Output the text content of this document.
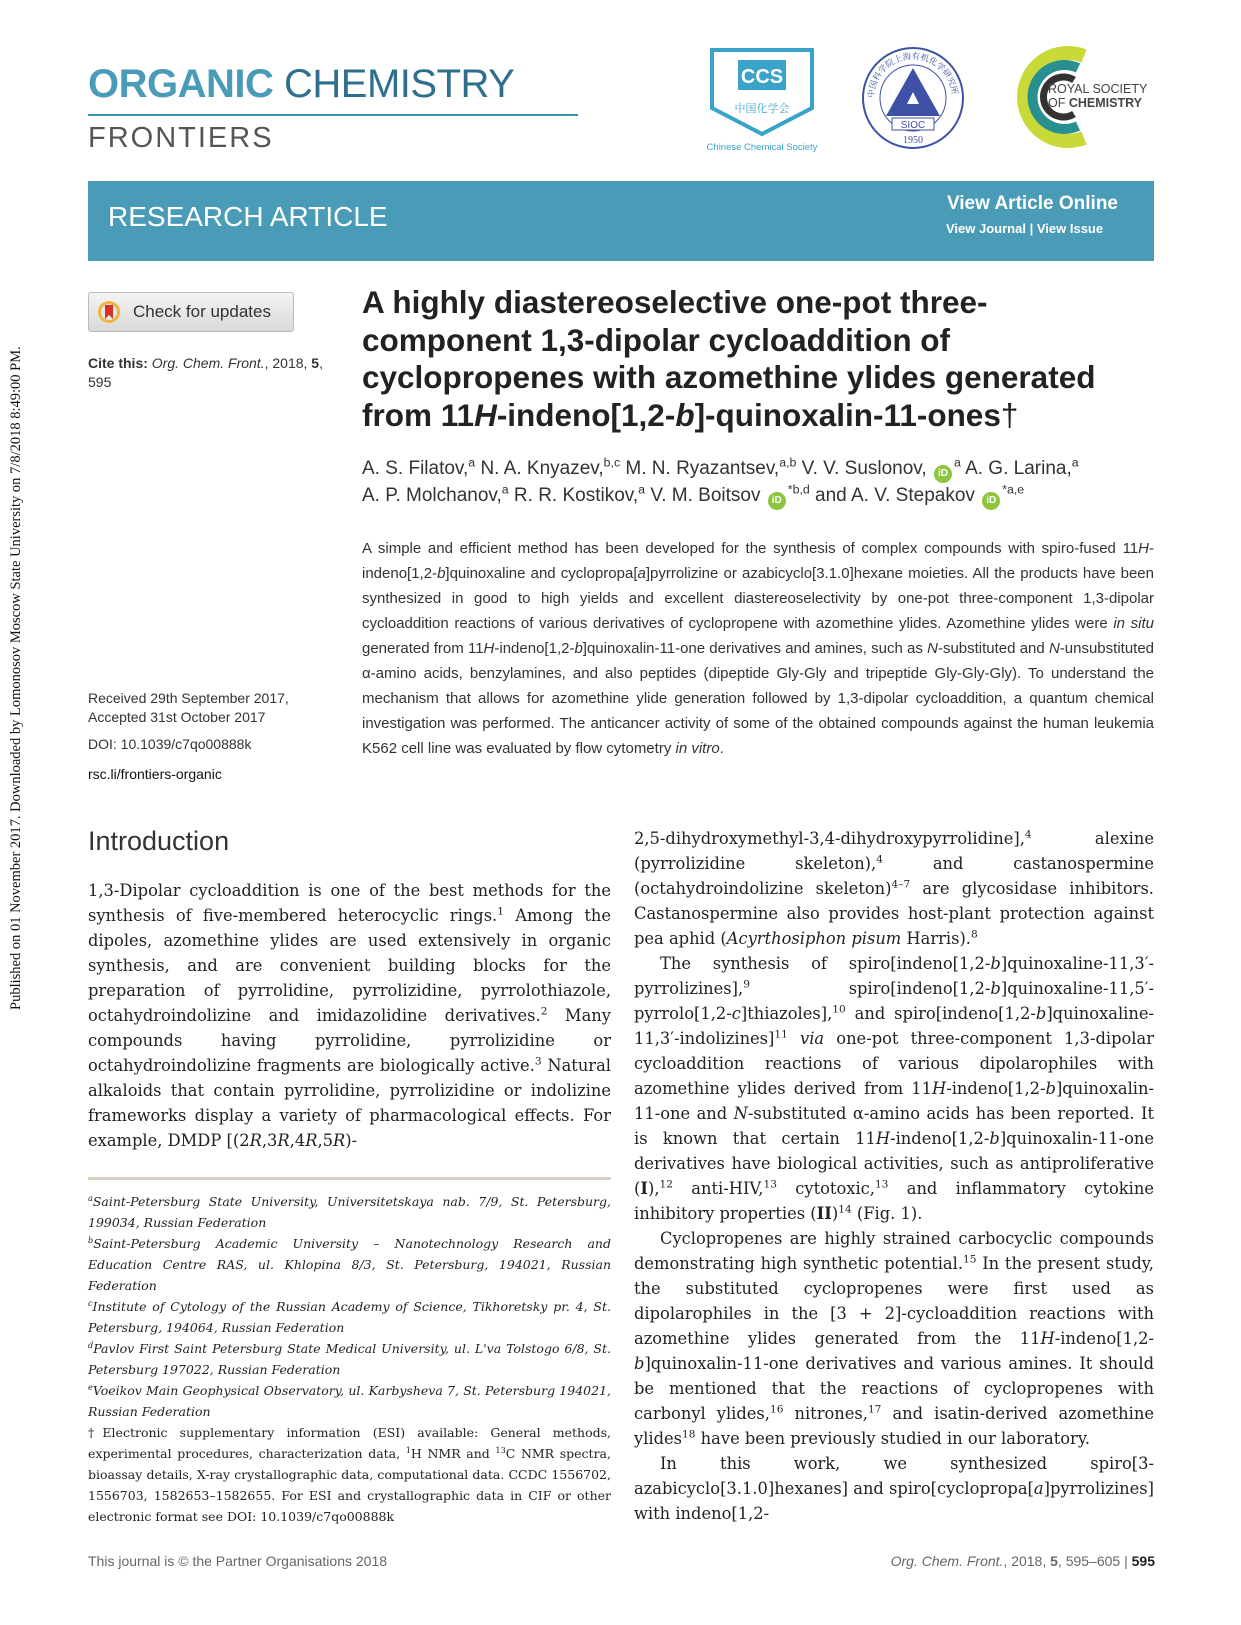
Published on 01 November 2017. Downloaded by Lomonosov Moscow State University on 7/8/2018 8:49:00 PM.
ORGANIC CHEMISTRY
FRONTIERS
CCS
中国化学会
Chinese Chemical Society
中国科学院上海有机化学研究所
SIOC
1950
ROYAL SOCIETY
OF CHEMISTRY
RESEARCH ARTICLE	View Article Online
View Journal | View Issue
Check for updates
Cite this: Org. Chem. Front., 2018, 5,
595
Received 29th September 2017,
Accepted 31st October 2017
DOI: 10.1039/c7qo00888k
rsc.li/frontiers-organic
A highly diastereoselective one-pot three-
component 1,3-dipolar cycloaddition of
cyclopropenes with azomethine ylides generated
from 11H-indeno[1,2-b]-quinoxalin-11-ones†
A. S. Filatov,$^a$ N. A. Knyazev,$^{b,c}$ M. N. Ryazantsev,$^{a,b}$ V. V. Suslonov, $iD^a$ A. G. Larina,$^a$
A. P. Molchanov,$^a$ R. R. Kostikov,$^a$ V. M. Boitsov iD$^{*b,d}$ and A. V. Stepakov iD$^{*a,e}$
A simple and efficient method has been developed for the synthesis of complex compounds with spiro-fused 11H-indeno[1,2-b]quinoxaline and cyclopropa[a]pyrrolizine or azabicyclo[3.1.0]hexane moieties. All the products have been synthesized in good to high yields and excellent diastereoselectivity by one-pot three-component 1,3-dipolar cycloaddition reactions of various derivatives of cyclopropene with azomethine ylides. Azomethine ylides were in situ generated from 11H-indeno[1,2-b]quinoxalin-11-one derivatives and amines, such as N-substituted and N-unsubstituted α-amino acids, benzylamines, and also peptides (dipeptide Gly-Gly and tripeptide Gly-Gly-Gly). To understand the mechanism that allows for azomethine ylide generation followed by 1,3-dipolar cycloaddition, a quantum chemical investigation was performed. The anticancer activity of some of the obtained compounds against the human leukemia K562 cell line was evaluated by flow cytometry in vitro.
Introduction
1,3-Dipolar cycloaddition is one of the best methods for the synthesis of five-membered heterocyclic rings.$^1$ Among the dipoles, azomethine ylides are used extensively in organic synthesis, and are convenient building blocks for the preparation of pyrrolidine, pyrrolizidine, pyrrolothiazole, octahydroindolizine and imidazolidine derivatives.$^2$ Many compounds having pyrrolidine, pyrrolizidine or octahydroindolizine fragments are biologically active.$^3$ Natural alkaloids that contain pyrrolidine, pyrrolizidine or indolizine frameworks display a variety of pharmacological effects. For example, DMDP [(2R,3R,4R,5R)-

$^a$Saint-Petersburg State University, Universitetskaya nab. 7/9, St. Petersburg, 199034, Russian Federation

$^b$Saint-Petersburg Academic University – Nanotechnology Research and Education Centre RAS, ul. Khlopina 8/3, St. Petersburg, 194021, Russian Federation

$^c$Institute of Cytology of the Russian Academy of Science, Tikhoretsky pr. 4, St. Petersburg, 194064, Russian Federation

$^d$Pavlov First Saint Petersburg State Medical University, ul. L'va Tolstogo 6/8, St. Petersburg 197022, Russian Federation

$^e$Voeikov Main Geophysical Observatory, ul. Karbysheva 7, St. Petersburg 194021, Russian Federation

†Electronic supplementary information (ESI) available: General methods, experimental procedures, characterization data, $^1$H NMR and $^{13}$C NMR spectra, bioassay details, X-ray crystallographic data, computational data. CCDC 1556702, 1556703, 1582653–1582655. For ESI and crystallographic data in CIF or other electronic format see DOI: 10.1039/c7qo00888k

2,5-dihydroxymethyl-3,4-dihydroxypyrrolidine],$^4$ alexine (pyrrolizidine skeleton),$^4$ and castanospermine (octahydroindolizine skeleton)$^{4-7}$ are glycosidase inhibitors. Castanospermine also provides host-plant protection against pea aphid (Acyrthosiphon pisum Harris).$^8$

The synthesis of spiro[indeno[1,2-b]quinoxaline-11,3′-pyrrolizines],$^9$ spiro[indeno[1,2-b]quinoxaline-11,5′-pyrrolo[1,2-c]thiazoles],$^{10}$ and spiro[indeno[1,2-b]quinoxaline-11,3′-indolizines]$^{11}$ via one-pot three-component 1,3-dipolar cycloaddition reactions of various dipolarophiles with azomethine ylides derived from 11H-indeno[1,2-b]quinoxalin-11-one and N-substituted α-amino acids has been reported. It is known that certain 11H-indeno[1,2-b]quinoxalin-11-one derivatives have biological activities, such as antiproliferative (I),$^{12}$ anti-HIV,$^{13}$ cytotoxic,$^{13}$ and inflammatory cytokine inhibitory properties (II)$^{14}$ (Fig. 1).

Cyclopropenes are highly strained carbocyclic compounds demonstrating high synthetic potential.$^{15}$ In the present study, the substituted cyclopropenes were first used as dipolarophiles in the [3 + 2]-cycloaddition reactions with azomethine ylides generated from the 11H-indeno[1,2-b]quinoxalin-11-one derivatives and various amines. It should be mentioned that the reactions of cyclopropenes with carbonyl ylides,$^{16}$ nitrones,$^{17}$ and isatin-derived azomethine ylides$^{18}$ have been previously studied in our laboratory.

In this work, we synthesized spiro[3-azabicyclo[3.1.0]hexanes] and spiro[cyclopropa[a]pyrrolizines] with indeno[1,2-

This journal is © the Partner Organisations 2018	Org. Chem. Front., 2018, 5, 595–605 | 595
